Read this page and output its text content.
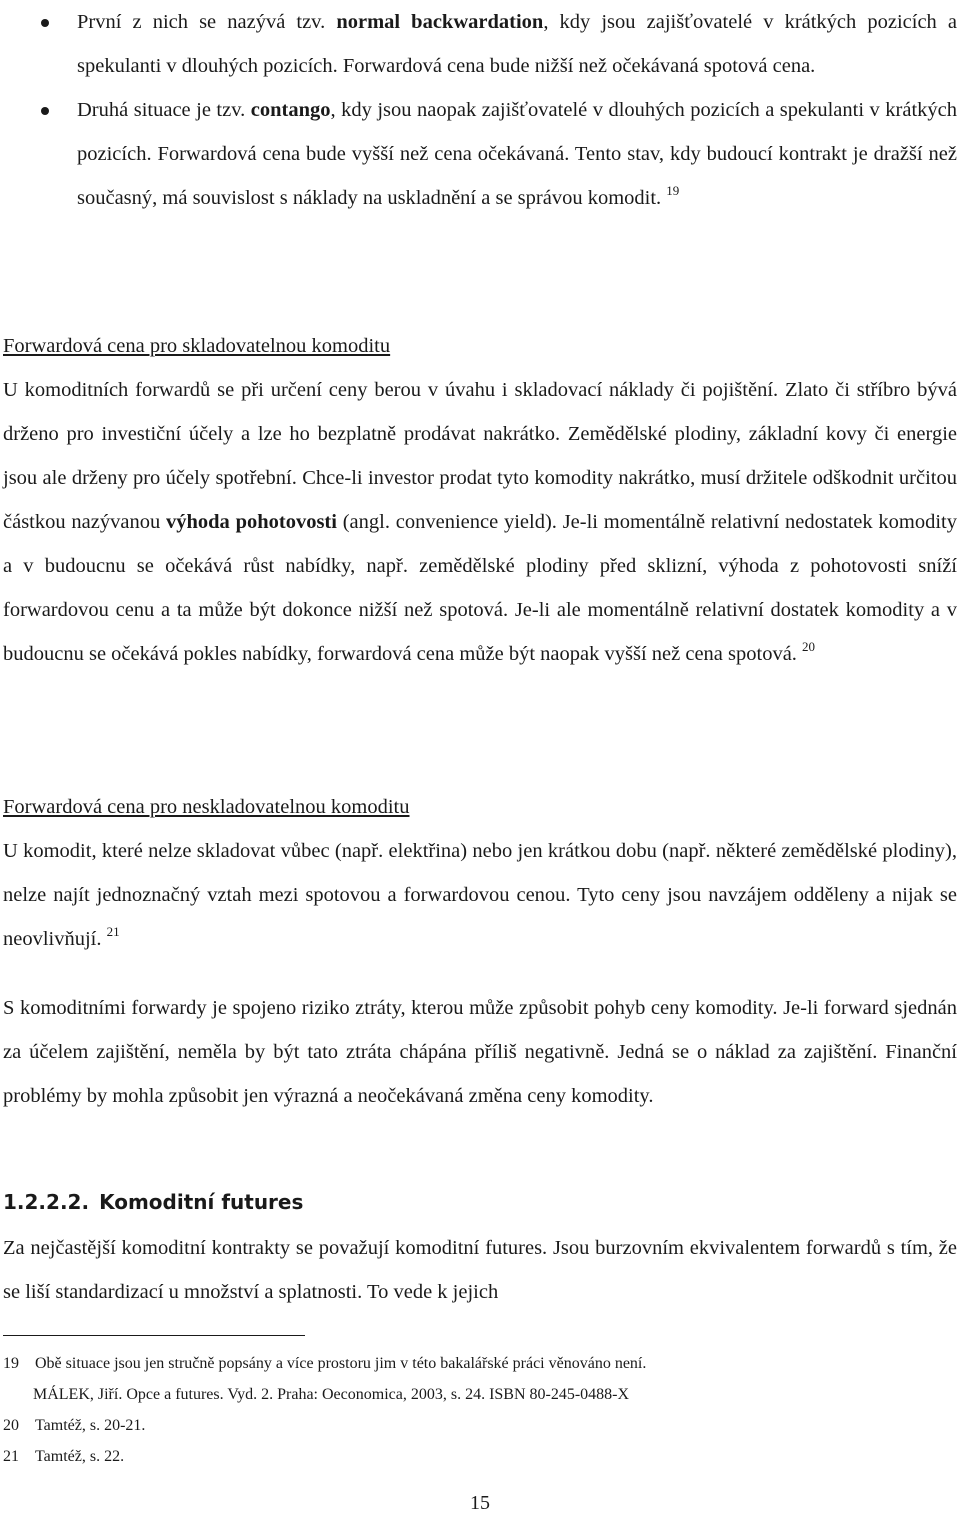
První z nich se nazývá tzv. normal backwardation, kdy jsou zajišťovatelé v krátkých pozicích a spekulanti v dlouhých pozicích. Forwardová cena bude nižší než očekávaná spotová cena.
Druhá situace je tzv. contango, kdy jsou naopak zajišťovatelé v dlouhých pozicích a spekulanti v krátkých pozicích. Forwardová cena bude vyšší než cena očekávaná. Tento stav, kdy budoucí kontrakt je dražší než současný, má souvislost s náklady na uskladnění a se správou komodit. $^{19}$

Forwardová cena pro skladovatelnou komoditu

U komoditních forwardů se při určení ceny berou v úvahu i skladovací náklady či pojištění. Zlato či stříbro bývá drženo pro investiční účely a lze ho bezplatně prodávat nakrátko. Zemědělské plodiny, základní kovy či energie jsou ale drženy pro účely spotřební. Chce-li investor prodat tyto komodity nakrátko, musí držitele odškodnit určitou částkou nazývanou výhoda pohotovosti (angl. convenience yield). Je-li momentálně relativní nedostatek komodity a v budoucnu se očekává růst nabídky, např. zemědělské plodiny před sklizní, výhoda z pohotovosti sníží forwardovou cenu a ta může být dokonce nižší než spotová. Je-li ale momentálně relativní dostatek komodity a v budoucnu se očekává pokles nabídky, forwardová cena může být naopak vyšší než cena spotová. $^{20}$

Forwardová cena pro neskladovatelnou komoditu

U komodit, které nelze skladovat vůbec (např. elektřina) nebo jen krátkou dobu (např. některé zemědělské plodiny), nelze najít jednoznačný vztah mezi spotovou a forwardovou cenou. Tyto ceny jsou navzájem odděleny a nijak se neovlivňují. $^{21}$

S komoditními forwardy je spojeno riziko ztráty, kterou může způsobit pohyb ceny komodity. Je-li forward sjednán za účelem zajištění, neměla by být tato ztráta chápána příliš negativně. Jedná se o náklad za zajištění. Finanční problémy by mohla způsobit jen výrazná a neočekávaná změna ceny komodity.

1.2.2.2. Komoditní futures

Za nejčastější komoditní kontrakty se považují komoditní futures. Jsou burzovním ekvivalentem forwardů s tím, že se liší standardizací u množství a splatnosti. To vede k jejich

19 Obě situace jsou jen stručně popsány a více prostoru jim v této bakalářské práci věnováno není.
MÁLEK, Jiří. Opce a futures. Vyd. 2. Praha: Oeconomica, 2003, s. 24. ISBN 80-245-0488-X
20 Tamtéž, s. 20-21.
21 Tamtéž, s. 22.
15
